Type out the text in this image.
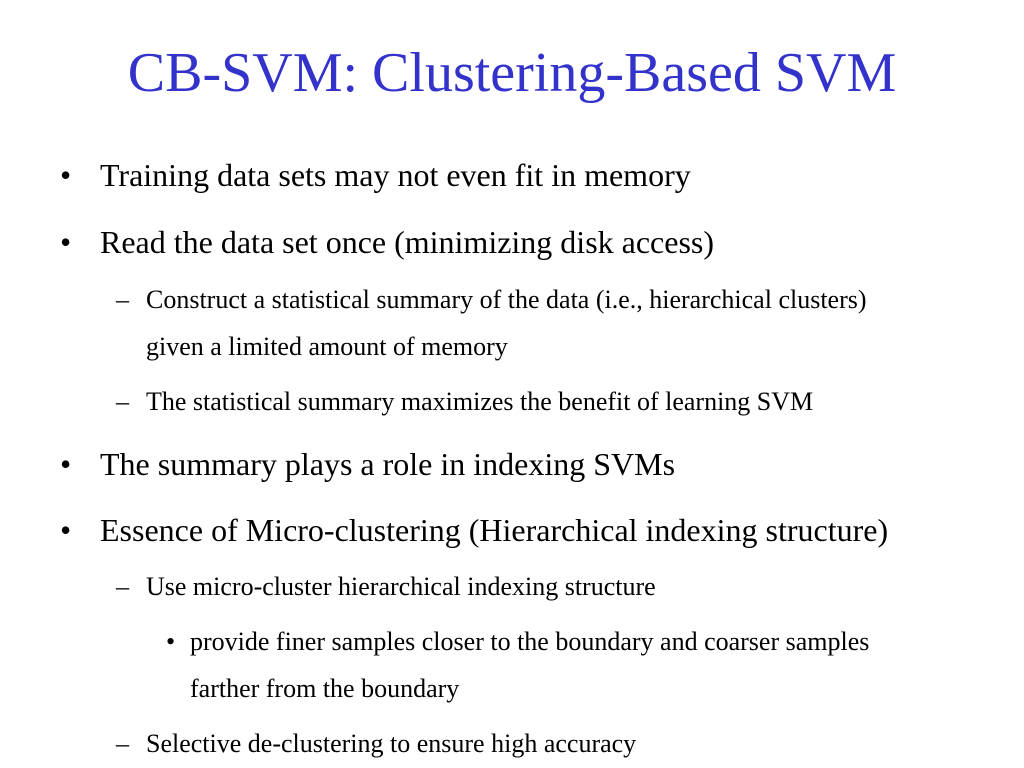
CB-SVM: Clustering-Based SVM
• Training data sets may not even fit in memory
• Read the data set once (minimizing disk access)
– Construct a statistical summary of the data (i.e., hierarchical clusters)
given a limited amount of memory
– The statistical summary maximizes the benefit of learning SVM
• The summary plays a role in indexing SVMs
• Essence of Micro-clustering (Hierarchical indexing structure)
– Use micro-cluster hierarchical indexing structure
• provide finer samples closer to the boundary and coarser samples
farther from the boundary
– Selective de-clustering to ensure high accuracy
